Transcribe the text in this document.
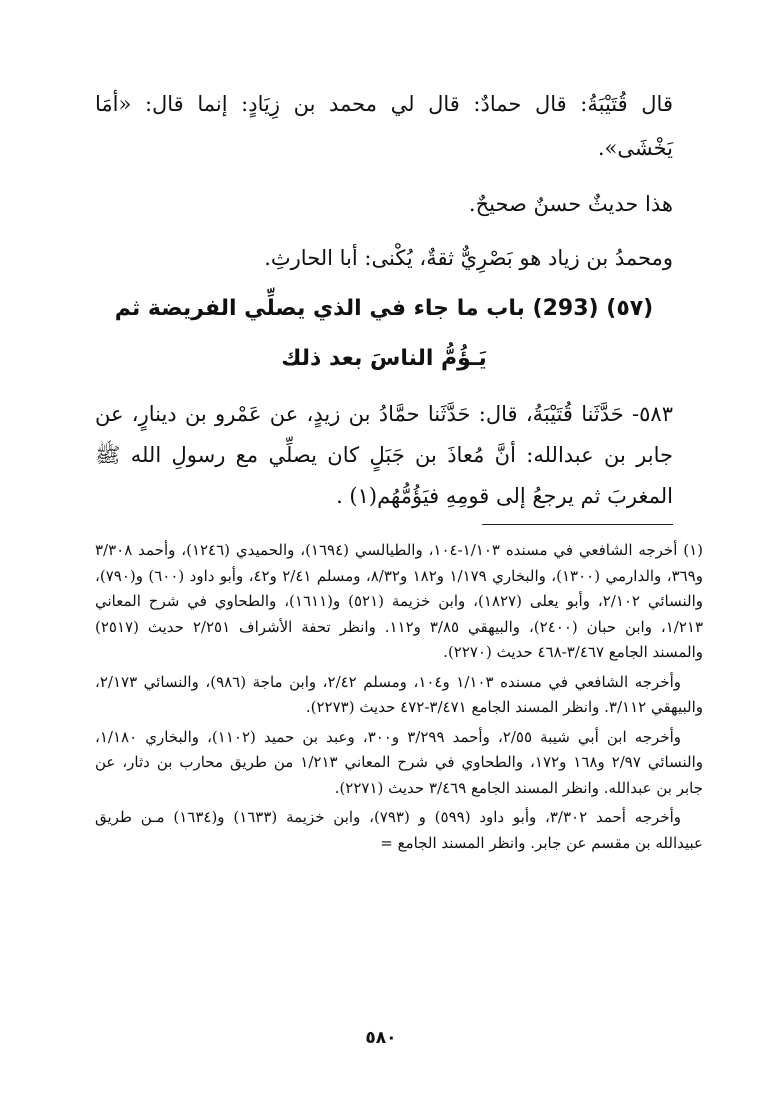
قال قُتَيْبَةُ: قال حمادٌ: قال لي محمد بن زِيَادٍ: إنما قال: «أمَا يَخْشَى».
هذا حديثٌ حسنٌ صحيحٌ.
ومحمدُ بن زياد هو بَصْرِيٌّ ثقةٌ، يُكْنى: أبا الحارثِ.
(٥٧) (293) باب ما جاء في الذي يصلِّي الفريضة ثم يَـؤُمُّ الناسَ بعد ذلك
٥٨٣- حَدَّثَنا قُتَيْبَةُ، قال: حَدَّثَنا حمَّادُ بن زيدٍ، عن عَمْرو بن دينارٍ، عن جابر بن عبدالله: أنَّ مُعاذَ بن جَبَلٍ كان يصلِّي مع رسولِ الله ﷺ المغربَ ثم يرجعُ إلى قومِهِ فيَؤُمُّهُم(١) .
(١) أخرجه الشافعي في مسنده ١/١٠٣-١٠٤، والطيالسي (١٦٩٤)، والحميدي (١٢٤٦)، وأحمد ٣/٣٠٨ و٣٦٩، والدارمي (١٣٠٠)، والبخاري ١/١٧٩ و١٨٢ و٨/٣٢، ومسلم ٢/٤١ و٤٢، وأبو داود (٦٠٠) و(٧٩٠)، والنسائي ٢/١٠٢، وأبو يعلى (١٨٢٧)، وابن خزيمة (٥٢١) و(١٦١١)، والطحاوي في شرح المعاني ١/٢١٣، وابن حبان (٢٤٠٠)، والبيهقي ٣/٨٥ و١١٢. وانظر تحفة الأشراف ٢/٢٥١ حديث (٢٥١٧) والمسند الجامع ٣/٤٦٧-٤٦٨ حديث (٢٢٧٠).
وأخرجه الشافعي في مسنده ١/١٠٣ و١٠٤، ومسلم ٢/٤٢، وابن ماجة (٩٨٦)، والنسائي ٢/١٧٣، والبيهقي ٣/١١٢. وانظر المسند الجامع ٣/٤٧١-٤٧٢ حديث (٢٢٧٣).
وأخرجه ابن أبي شيبة ٢/٥٥، وأحمد ٣/٢٩٩ و٣٠٠، وعبد بن حميد (١١٠٢)، والبخاري ١/١٨٠، والنسائي ٢/٩٧ و١٦٨ و١٧٢، والطحاوي في شرح المعاني ١/٢١٣ من طريق محارب بن دثار، عن جابر بن عبدالله. وانظر المسند الجامع ٣/٤٦٩ حديث (٢٢٧١).
وأخرجه أحمد ٣/٣٠٢، وأبو داود (٥٩٩) و (٧٩٣)، وابن خزيمة (١٦٣٣) و(١٦٣٤) مـن طريق عبيدالله بن مقسم عن جابر. وانظر المسند الجامع =
٥٨٠
